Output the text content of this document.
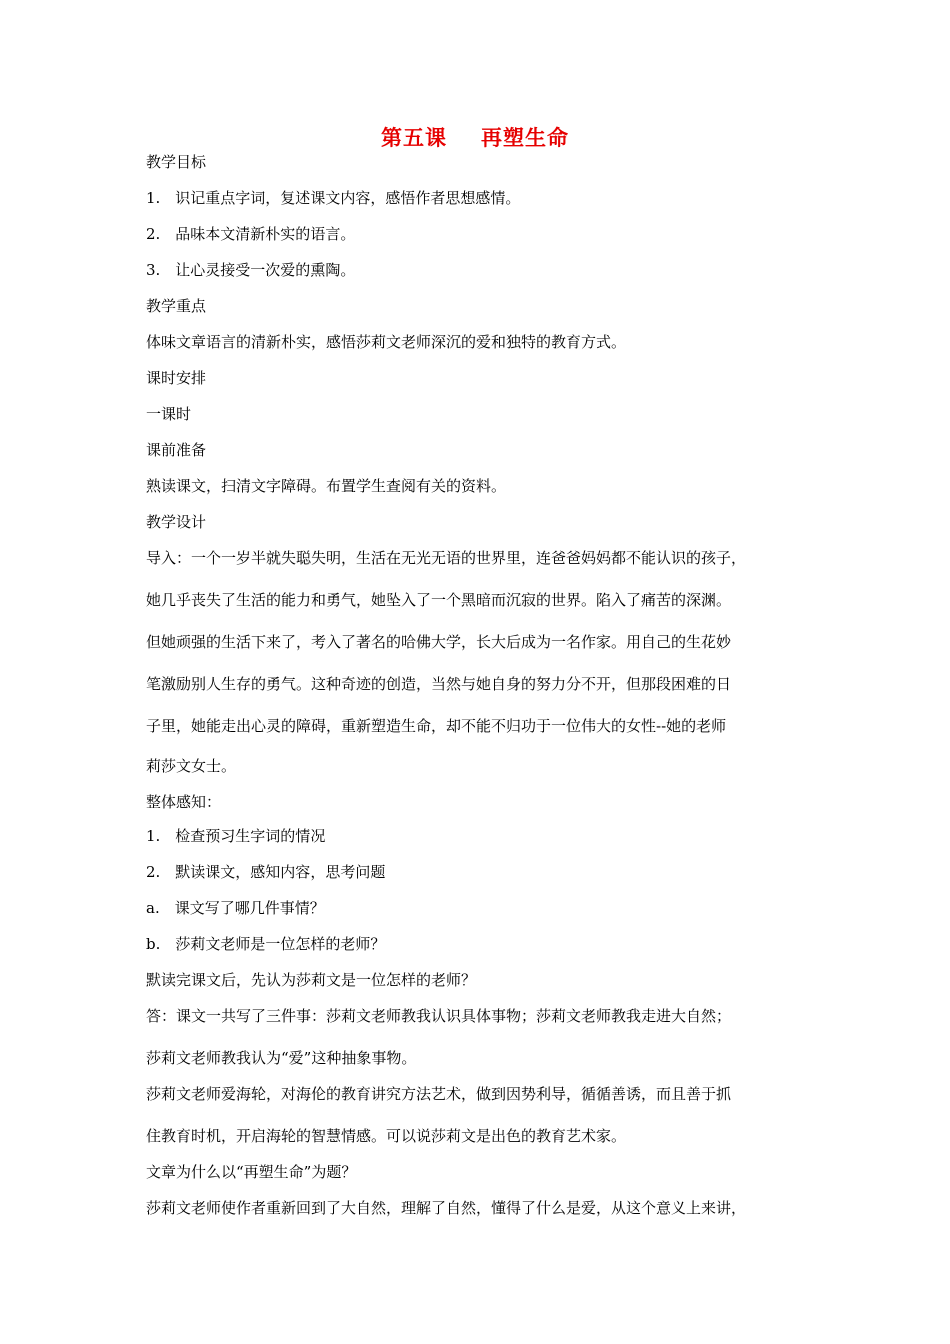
第五课 再塑生命
教学目标
1.　识记重点字词，复述课文内容，感悟作者思想感情。
2.　品味本文清新朴实的语言。
3.　让心灵接受一次爱的熏陶。
教学重点
体味文章语言的清新朴实，感悟莎莉文老师深沉的爱和独特的教育方式。
课时安排
一课时
课前准备
熟读课文，扫清文字障碍。布置学生查阅有关的资料。
教学设计
导入：一个一岁半就失聪失明，生活在无光无语的世界里，连爸爸妈妈都不能认识的孩子，
她几乎丧失了生活的能力和勇气，她坠入了一个黑暗而沉寂的世界。陷入了痛苦的深渊。
但她顽强的生活下来了，考入了著名的哈佛大学，长大后成为一名作家。用自己的生花妙
笔激励别人生存的勇气。这种奇迹的创造，当然与她自身的努力分不开，但那段困难的日
子里，她能走出心灵的障碍，重新塑造生命，却不能不归功于一位伟大的女性--她的老师
莉莎文女士。
整体感知：
1.　检查预习生字词的情况
2.　默读课文，感知内容，思考问题
a.　课文写了哪几件事情？
b.　莎莉文老师是一位怎样的老师？
默读完课文后，先认为莎莉文是一位怎样的老师？
答：课文一共写了三件事：莎莉文老师教我认识具体事物；莎莉文老师教我走进大自然；
莎莉文老师教我认为“爱”这种抽象事物。
莎莉文老师爱海轮，对海伦的教育讲究方法艺术，做到因势利导，循循善诱，而且善于抓
住教育时机，开启海轮的智慧情感。可以说莎莉文是出色的教育艺术家。
文章为什么以“再塑生命”为题？
莎莉文老师使作者重新回到了大自然，理解了自然，懂得了什么是爱，从这个意义上来讲，
